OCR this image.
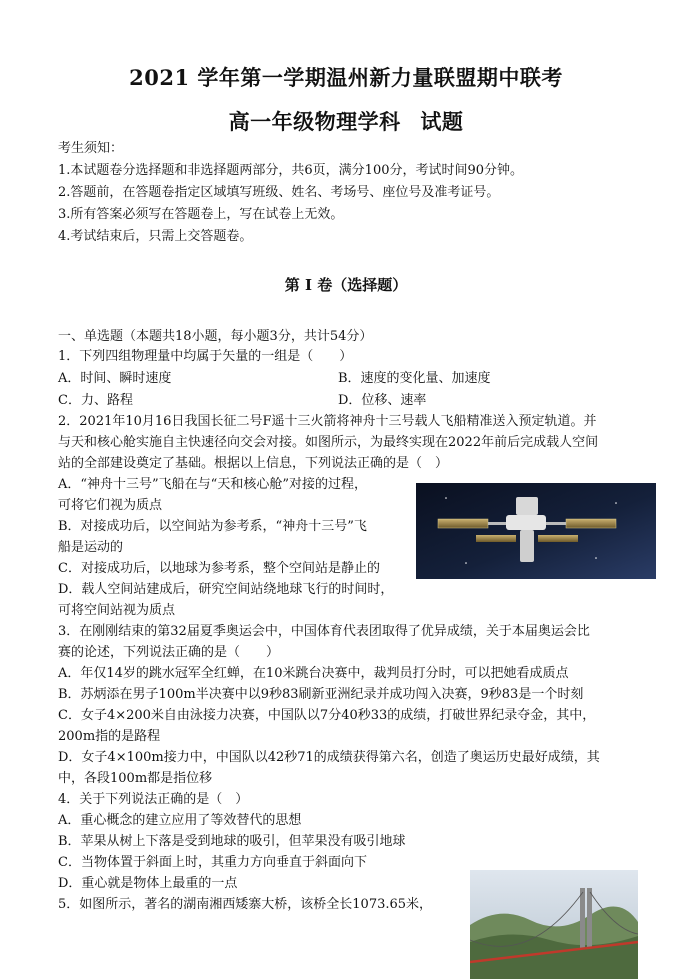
2021 学年第一学期温州新力量联盟期中联考
高一年级物理学科 试题
考生须知：
1.本试题卷分选择题和非选择题两部分，共6页，满分100分，考试时间90分钟。
2.答题前，在答题卷指定区域填写班级、姓名、考场号、座位号及准考证号。
3.所有答案必须写在答题卷上，写在试卷上无效。
4.考试结束后，只需上交答题卷。
第 I 卷（选择题）
一、单选题（本题共18小题，每小题3分，共计54分）
1．下列四组物理量中均属于矢量的一组是（　　）
A．时间、瞬时速度	B．速度的变化量、加速度
C．力、路程	D．位移、速率
2．2021年10月16日我国长征二号F遥十三火箭将神舟十三号载人飞船精准送入预定轨道。并
与天和核心舱实施自主快速径向交会对接。如图所示，为最终实现在2022年前后完成载人空间
站的全部建设奠定了基础。根据以上信息，下列说法正确的是（　）
A．“神舟十三号”飞船在与“天和核心舱”对接的过程，
可将它们视为质点
B．对接成功后，以空间站为参考系，“神舟十三号”飞
船是运动的
C．对接成功后，以地球为参考系，整个空间站是静止的
D．载人空间站建成后，研究空间站绕地球飞行的时间时，
可将空间站视为质点
3．在刚刚结束的第32届夏季奥运会中，中国体育代表团取得了优异成绩，关于本届奥运会比
赛的论述，下列说法正确的是（　　）
A．年仅14岁的跳水冠军全红蝉，在10米跳台决赛中，裁判员打分时，可以把她看成质点
B．苏炳添在男子100m半决赛中以9秒83刷新亚洲纪录并成功闯入决赛，9秒83是一个时刻
C．女子4×200米自由泳接力决赛，中国队以7分40秒33的成绩，打破世界纪录夺金，其中，
200m指的是路程
D．女子4×100m接力中，中国队以42秒71的成绩获得第六名，创造了奥运历史最好成绩，其
中，各段100m都是指位移
4．关于下列说法正确的是（　）
A．重心概念的建立应用了等效替代的思想
B．苹果从树上下落是受到地球的吸引，但苹果没有吸引地球
C．当物体置于斜面上时，其重力方向垂直于斜面向下
D．重心就是物体上最重的一点
5．如图所示，著名的湖南湘西矮寨大桥，该桥全长1073.65米，
